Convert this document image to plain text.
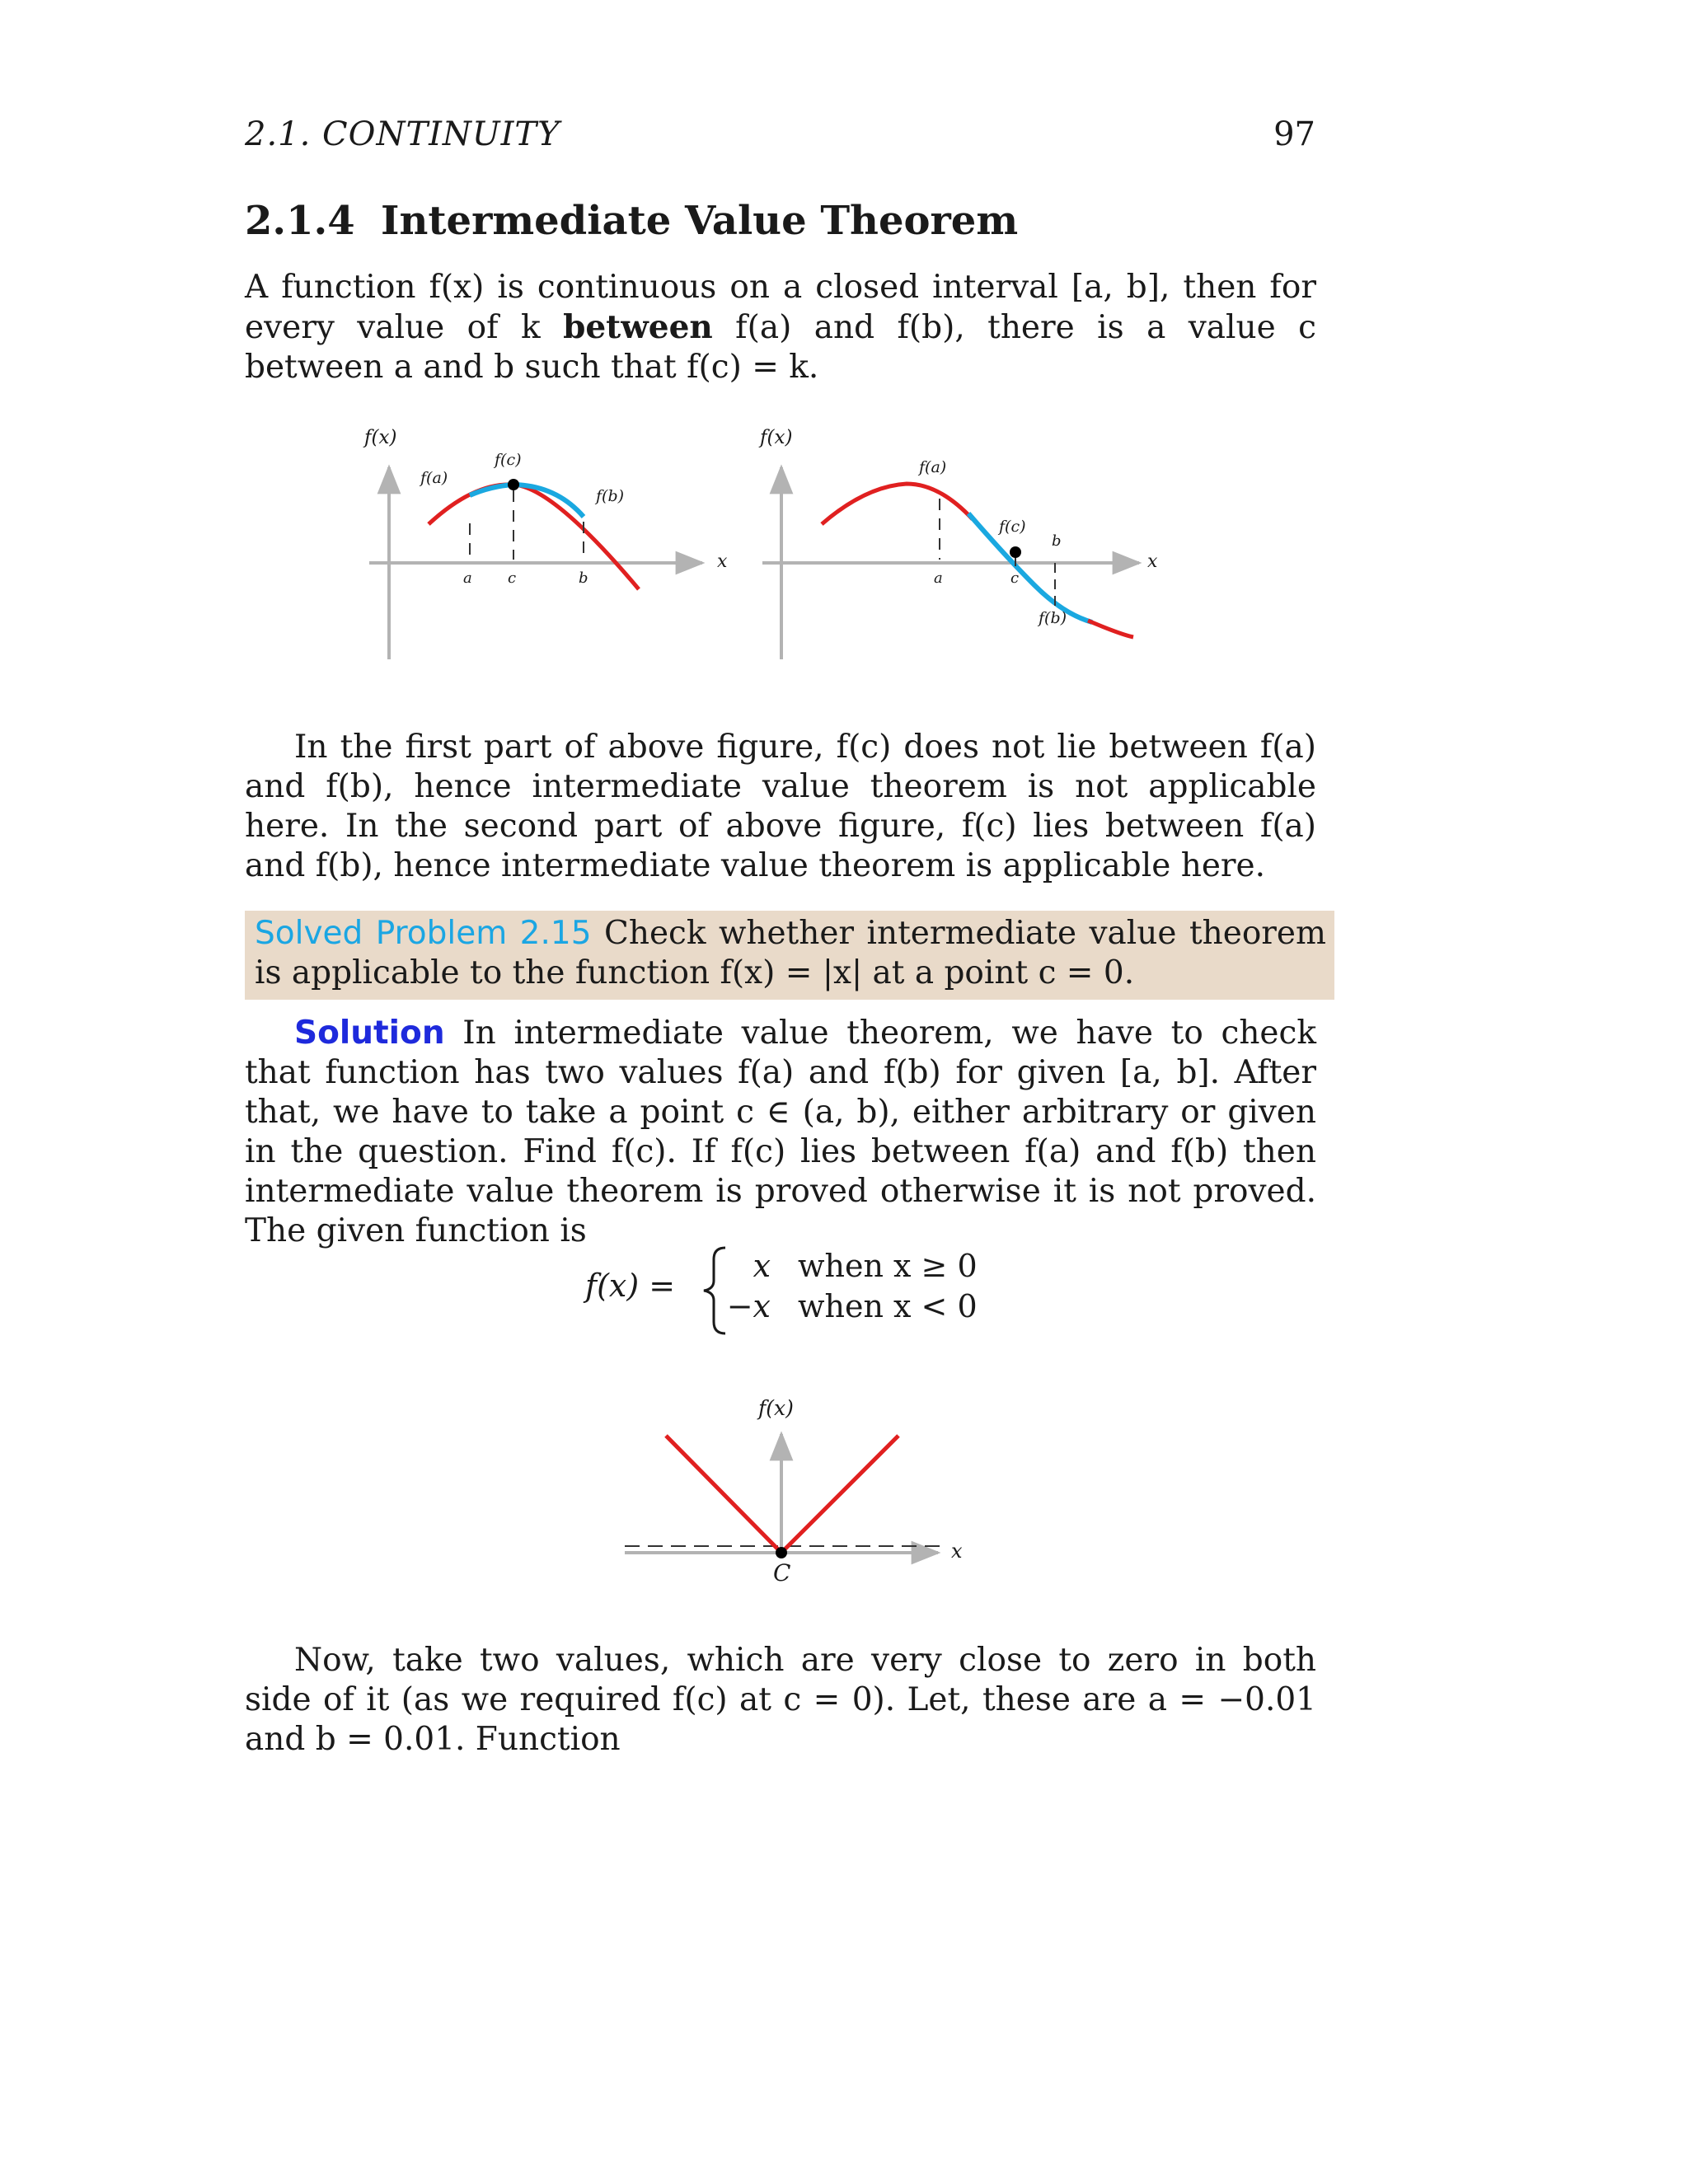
2.1. CONTINUITY	97
2.1.4 Intermediate Value Theorem
A function f(x) is continuous on a closed interval [a, b], then for every value of k between f(a) and f(b), there is a value c between a and b such that f(c) = k.
f(x)
f(a)
f(c)
f(b)
a c	b
x
f(x)
f(a)
f(c)
f(b)
a	c
b
x
In the first part of above figure, f(c) does not lie between f(a) and f(b), hence intermediate value theorem is not applicable here. In the second part of above figure, f(c) lies between f(a) and f(b), hence intermediate value theorem is applicable here.
Solved Problem 2.15 Check whether intermediate value theorem is applicable to the function f(x) = |x| at a point c = 0.
Solution In intermediate value theorem, we have to check that function has two values f(a) and f(b) for given [a, b]. After that, we have to take a point c ∈ (a, b), either arbitrary or given in the question. Find f(c). If f(c) lies between f(a) and f(b) then intermediate value theorem is proved otherwise it is not proved. The given function is
f(x) =
x when x ≥ 0
−x when x < 0
f(x)
x
C
Now, take two values, which are very close to zero in both side of it (as we required f(c) at c = 0). Let, these are a = −0.01 and b = 0.01. Function
